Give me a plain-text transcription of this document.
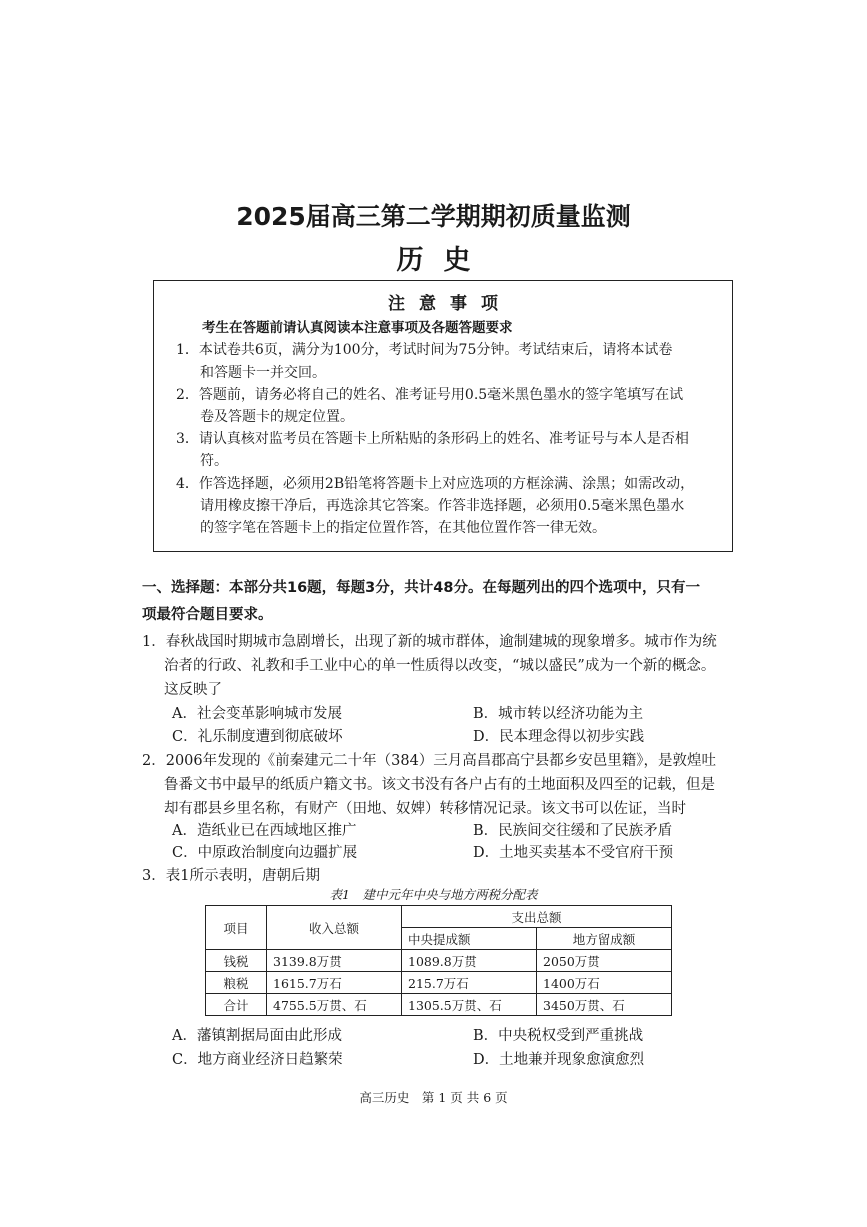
2025届高三第二学期期初质量监测
历史
注意事项
考生在答题前请认真阅读本注意事项及各题答题要求
1．本试卷共6页，满分为100分，考试时间为75分钟。考试结束后，请将本试卷
和答题卡一并交回。
2．答题前，请务必将自己的姓名、准考证号用0.5毫米黑色墨水的签字笔填写在试
卷及答题卡的规定位置。
3．请认真核对监考员在答题卡上所粘贴的条形码上的姓名、准考证号与本人是否相
符。
4．作答选择题，必须用2B铅笔将答题卡上对应选项的方框涂满、涂黑；如需改动，
请用橡皮擦干净后，再选涂其它答案。作答非选择题，必须用0.5毫米黑色墨水
的签字笔在答题卡上的指定位置作答，在其他位置作答一律无效。
一、选择题：本部分共16题，每题3分，共计48分。在每题列出的四个选项中，只有一
项最符合题目要求。
1．春秋战国时期城市急剧增长，出现了新的城市群体，逾制建城的现象增多。城市作为统
治者的行政、礼教和手工业中心的单一性质得以改变，“城以盛民”成为一个新的概念。
这反映了
A．社会变革影响城市发展	B．城市转以经济功能为主
C．礼乐制度遭到彻底破坏	D．民本理念得以初步实践
2．2006年发现的《前秦建元二十年（384）三月高昌郡高宁县都乡安邑里籍》，是敦煌吐
鲁番文书中最早的纸质户籍文书。该文书没有各户占有的土地面积及四至的记载，但是
却有郡县乡里名称，有财产（田地、奴婢）转移情况记录。该文书可以佐证，当时
A．造纸业已在西域地区推广	B．民族间交往缓和了民族矛盾
C．中原政治制度向边疆扩展	D．土地买卖基本不受官府干预
3．表1所示表明，唐朝后期
表1　建中元年中央与地方两税分配表
项目	收入总额	支出总额	
		中央提成额	地方留成额
钱税	3139.8万贯	1089.8万贯	2050万贯
粮税	1615.7万石	215.7万石	1400万石
合计	4755.5万贯、石	1305.5万贯、石	3450万贯、石
A．藩镇割据局面由此形成	B．中央税权受到严重挑战
C．地方商业经济日趋繁荣	D．土地兼并现象愈演愈烈
高三历史　第 1 页 共 6 页
